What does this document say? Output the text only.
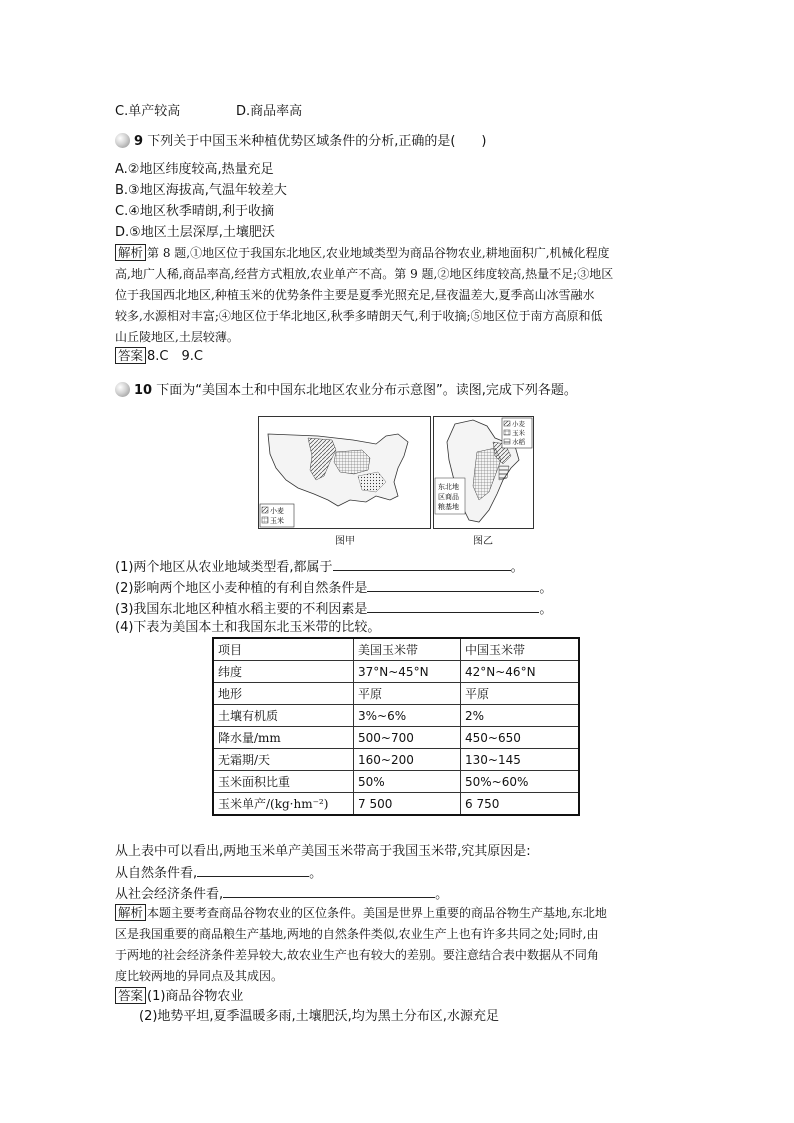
C.单产较高	D.商品率高
9 下列关于中国玉米种植优势区域条件的分析,正确的是(　　)
A.②地区纬度较高,热量充足
B.③地区海拔高,气温年较差大
C.④地区秋季晴朗,利于收摘
D.⑤地区土层深厚,土壤肥沃
解析 第 8 题,①地区位于我国东北地区,农业地域类型为商品谷物农业,耕地面积广,机械化程度
高,地广人稀,商品率高,经营方式粗放,农业单产不高。第 9 题,②地区纬度较高,热量不足;③地区
位于我国西北地区,种植玉米的优势条件主要是夏季光照充足,昼夜温差大,夏季高山冰雪融水
较多,水源相对丰富;④地区位于华北地区,秋季多晴朗天气,利于收摘;⑤地区位于南方高原和低
山丘陵地区,土层较薄。
答案 8.C　9.C
10 下面为“美国本土和中国东北地区农业分布示意图”。读图,完成下列各题。
小麦
玉米
图甲
小麦
玉米
水稻
东北地
区商品
粮基地
图乙
(1)两个地区从农业地域类型看,都属于	。
(2)影响两个地区小麦种植的有利自然条件是	。
(3)我国东北地区种植水稻主要的不利因素是	。
(4)下表为美国本土和我国东北玉米带的比较。
项目	美国玉米带	中国玉米带
纬度	37°N~45°N	42°N~46°N
地形	平原	平原
土壤有机质	3%~6%	2%
降水量/mm	500~700	450~650
无霜期/天	160~200	130~145
玉米面积比重	50%	50%~60%
玉米单产/(kg·hm⁻²)	7 500	6 750
从上表中可以看出,两地玉米单产美国玉米带高于我国玉米带,究其原因是:
从自然条件看,	。
从社会经济条件看,	。
解析 本题主要考查商品谷物农业的区位条件。美国是世界上重要的商品谷物生产基地,东北地
区是我国重要的商品粮生产基地,两地的自然条件类似,农业生产上也有许多共同之处;同时,由
于两地的社会经济条件差异较大,故农业生产也有较大的差别。要注意结合表中数据从不同角
度比较两地的异同点及其成因。
答案 (1)商品谷物农业
(2)地势平坦,夏季温暖多雨,土壤肥沃,均为黑土分布区,水源充足
